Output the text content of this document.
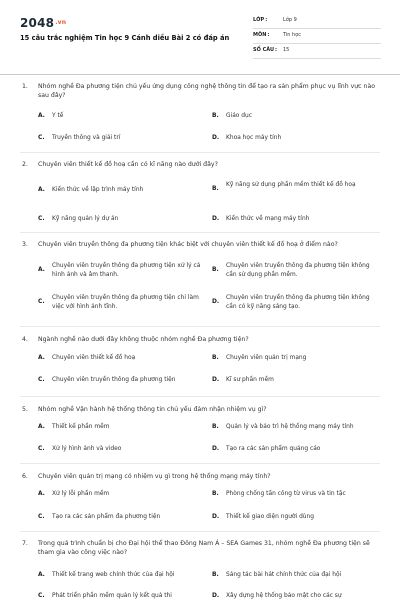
$2048^{.vn}$
15 câu trắc nghiệm Tin học 9 Cánh diều Bài 2 có đáp án
LỚP:	Lớp 9
MÔN:	Tin học
SỐ CÂU: 15
1.	Nhóm nghề Đa phương tiện chủ yếu ứng dụng công nghệ thông tin để tạo ra sản phẩm phục vụ lĩnh vực nào sau đây?
A. Y tế	B. Giáo dục
C. Truyền thông và giải trí	D. Khoa học máy tính
2.	Chuyên viên thiết kế đồ hoạ cần có kĩ năng nào dưới đây?
A. Kiến thức về lập trình máy tính	B.
Kỹ năng sử dụng phần mềm thiết kế đồ hoạ
C. Kỹ năng quản lý dự án	D. Kiến thức về mạng máy tính
3.	Chuyên viên truyền thông đa phương tiện khác biệt với chuyên viên thiết kế đồ hoạ ở điểm nào?
A.
Chuyên viên truyền thông đa phương tiện xử lý cả hình ảnh và âm thanh.
B.
Chuyên viên truyền thông đa phương tiện không cần sử dụng phần mềm.
C.
Chuyên viên truyền thông đa phương tiện chỉ làm việc với hình ảnh tĩnh.
D.
Chuyên viên truyền thông đa phương tiện không cần có kỹ năng sáng tạo.
4.	Ngành nghề nào dưới đây không thuộc nhóm nghề Đa phương tiện?
A. Chuyên viên thiết kế đồ hoạ	B. Chuyên viên quản trị mạng
C. Chuyên viên truyền thông đa phương tiện	D. Kĩ sư phần mềm
5.	Nhóm nghề Vận hành hệ thống thông tin chủ yếu đảm nhận nhiệm vụ gì?
A. Thiết kế phần mềm	B. Quản lý và bảo trì hệ thống mạng máy tính
C. Xử lý hình ảnh và video	D. Tạo ra các sản phẩm quảng cáo
6.	Chuyên viên quản trị mạng có nhiệm vụ gì trong hệ thống mạng máy tính?
A. Xử lý lỗi phần mềm	B. Phòng chống tấn công từ virus và tin tặc
C. Tạo ra các sản phẩm đa phương tiện	D. Thiết kế giao diện người dùng
7.	Trong quá trình chuẩn bị cho Đại hội thể thao Đông Nam Á – SEA Games 31, nhóm nghề Đa phương tiện sẽ tham gia vào công việc nào?
A. Thiết kế trang web chính thức của đại hội	B. Sáng tác bài hát chính thức của đại hội
C. Phát triển phần mềm quản lý kết quả thi	D. Xây dựng hệ thống bảo mật cho các sự
